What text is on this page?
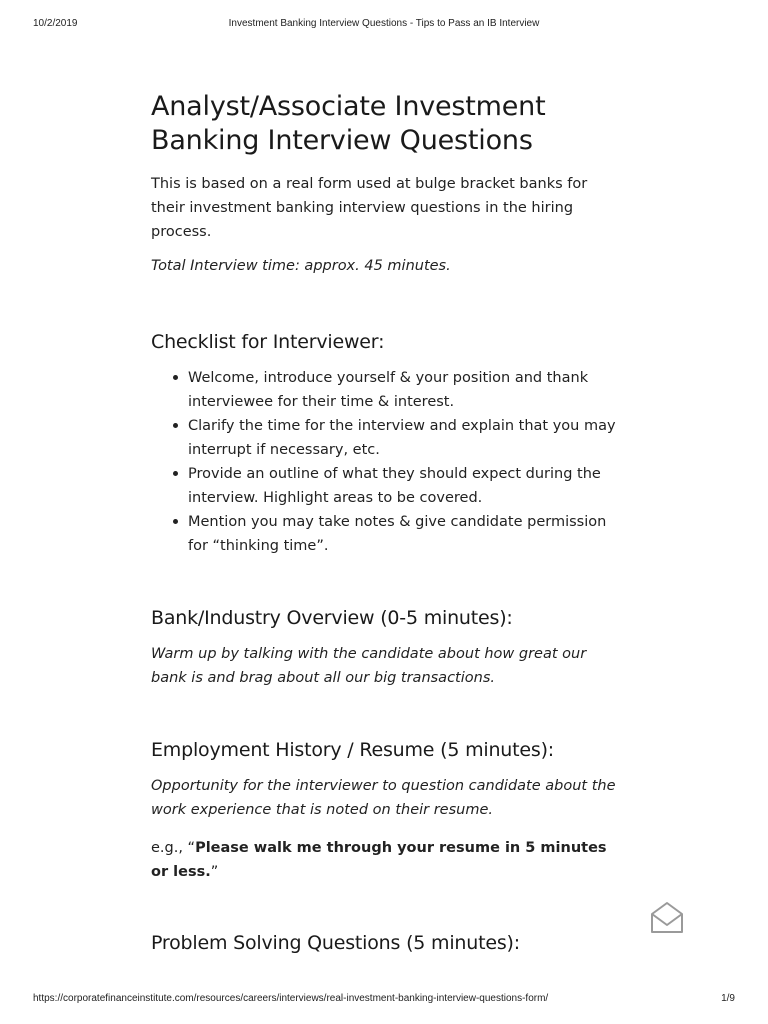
10/2/2019	Investment Banking Interview Questions - Tips to Pass an IB Interview
Analyst/Associate Investment
Banking Interview Questions

This is based on a real form used at bulge bracket banks for their investment banking interview questions in the hiring process.

Total Interview time: approx. 45 minutes.

Checklist for Interviewer:
Welcome, introduce yourself & your position and thank interviewee for their time & interest.
Clarify the time for the interview and explain that you may interrupt if necessary, etc.
Provide an outline of what they should expect during the interview. Highlight areas to be covered.
Mention you may take notes & give candidate permission for “thinking time”.
Bank/Industry Overview (0-5 minutes):

Warm up by talking with the candidate about how great our bank is and brag about all our big transactions.

Employment History / Resume (5 minutes):

Opportunity for the interviewer to question candidate about the work experience that is noted on their resume.

e.g., “Please walk me through your resume in 5 minutes or less.”

Problem Solving Questions (5 minutes):
https://corporatefinanceinstitute.com/resources/careers/interviews/real-investment-banking-interview-questions-form/	1/9
